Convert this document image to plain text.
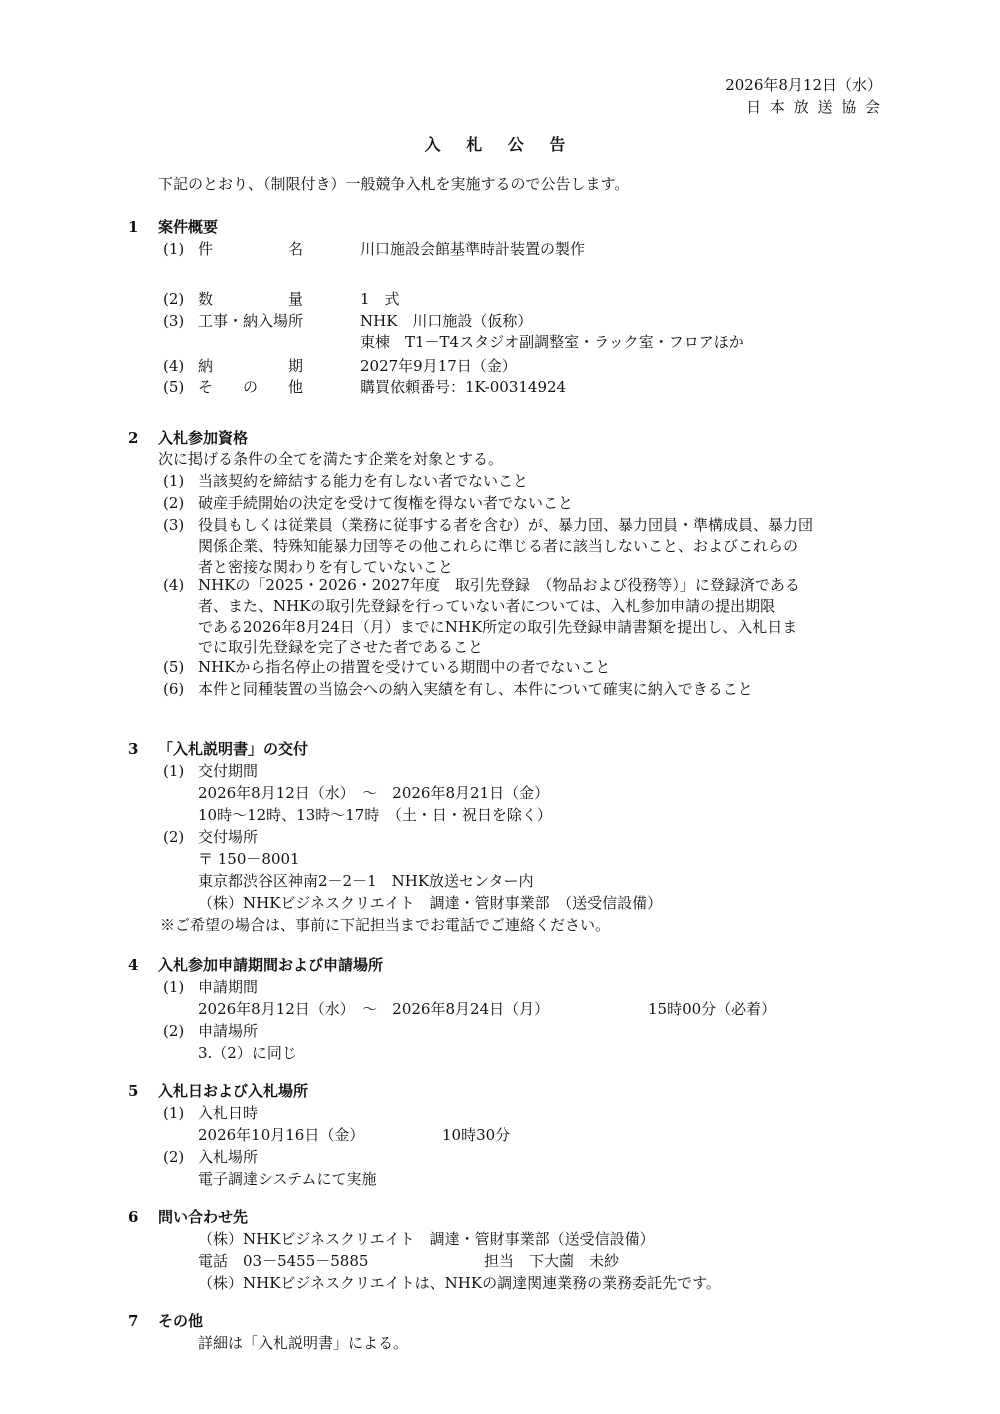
2026年8月12日（水）
日 本 放 送 協 会
入 札 公 告
下記のとおり、（制限付き）一般競争入札を実施するので公告します。
1 案件概要
(1) 件　　　　　名	川口施設会館基準時計装置の製作
(2) 数　　　　　量	1　式
(3) 工事・納入場所	NHK　川口施設（仮称）
東棟　T1－T4スタジオ副調整室・ラック室・フロアほか
(4) 納　　　　　期	2027年9月17日（金）
(5) そ　　の　　他	購買依頼番号：1K-00314924
2 入札参加資格
次に掲げる条件の全てを満たす企業を対象とする。
(1) 当該契約を締結する能力を有しない者でないこと
(2) 破産手続開始の決定を受けて復権を得ない者でないこと
(3) 役員もしくは従業員（業務に従事する者を含む）が、暴力団、暴力団員・準構成員、暴力団
関係企業、特殊知能暴力団等その他これらに準じる者に該当しないこと、およびこれらの
者と密接な関わりを有していないこと
(4) NHKの「2025・2026・2027年度　取引先登録　（物品および役務等）」に登録済である
者、また、NHKの取引先登録を行っていない者については、入札参加申請の提出期限
である2026年8月24日（月）までにNHK所定の取引先登録申請書類を提出し、入札日ま
でに取引先登録を完了させた者であること
(5) NHKから指名停止の措置を受けている期間中の者でないこと
(6) 本件と同種装置の当協会への納入実績を有し、本件について確実に納入できること
3 「入札説明書」の交付
(1) 交付期間
2026年8月12日（水）　～　2026年8月21日（金）
10時～12時、13時～17時　（土・日・祝日を除く）
(2) 交付場所
〒 150－8001
東京都渋谷区神南2－2－1　NHK放送センター内
（株）NHKビジネスクリエイト　調達・管財事業部　（送受信設備）
※ご希望の場合は、事前に下記担当までお電話でご連絡ください。
4 入札参加申請期間および申請場所
(1) 申請期間
2026年8月12日（水）　～　2026年8月24日（月）	15時00分（必着）
(2) 申請場所
3.（2）に同じ
5 入札日および入札場所
(1) 入札日時
2026年10月16日（金）	10時30分
(2) 入札場所
電子調達システムにて実施
6 問い合わせ先
（株）NHKビジネスクリエイト　調達・管財事業部（送受信設備）
電話　03－5455－5885	担当　下大薗　未紗
（株）NHKビジネスクリエイトは、NHKの調達関連業務の業務委託先です。
7 その他
詳細は「入札説明書」による。
